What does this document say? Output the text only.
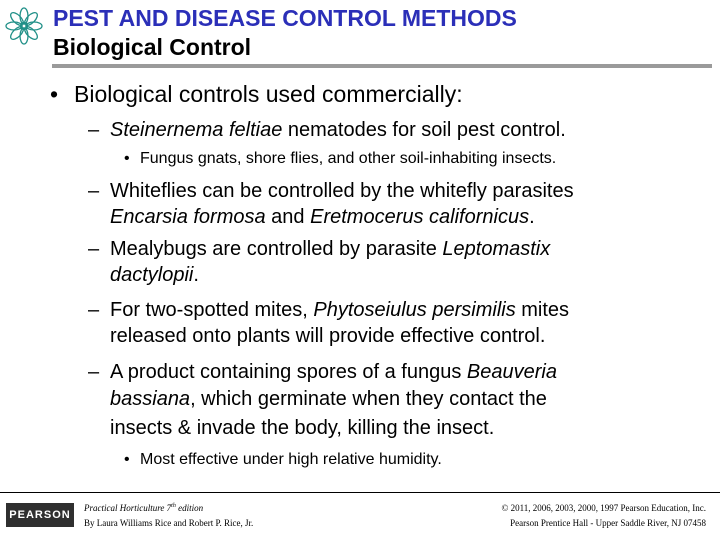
PEST AND DISEASE CONTROL METHODS
Biological Control
• Biological controls used commercially:
– Steinernema feltiae nematodes for soil pest control.
• Fungus gnats, shore flies, and other soil-inhabiting insects.
– Whiteflies can be controlled by the whitefly parasites
Encarsia formosa and Eretmocerus californicus.
– Mealybugs are controlled by parasite Leptomastix
dactylopii.
– For two-spotted mites, Phytoseiulus persimilis mites
released onto plants will provide effective control.
– A product containing spores of a fungus Beauveria
bassiana, which germinate when they contact the
insects & invade the body, killing the insect.
• Most effective under high relative humidity.
PEARSON
Practical Horticulture 7th edition
By Laura Williams Rice and Robert P. Rice, Jr.
© 2011, 2006, 2003, 2000, 1997 Pearson Education, Inc.
Pearson Prentice Hall - Upper Saddle River, NJ 07458
